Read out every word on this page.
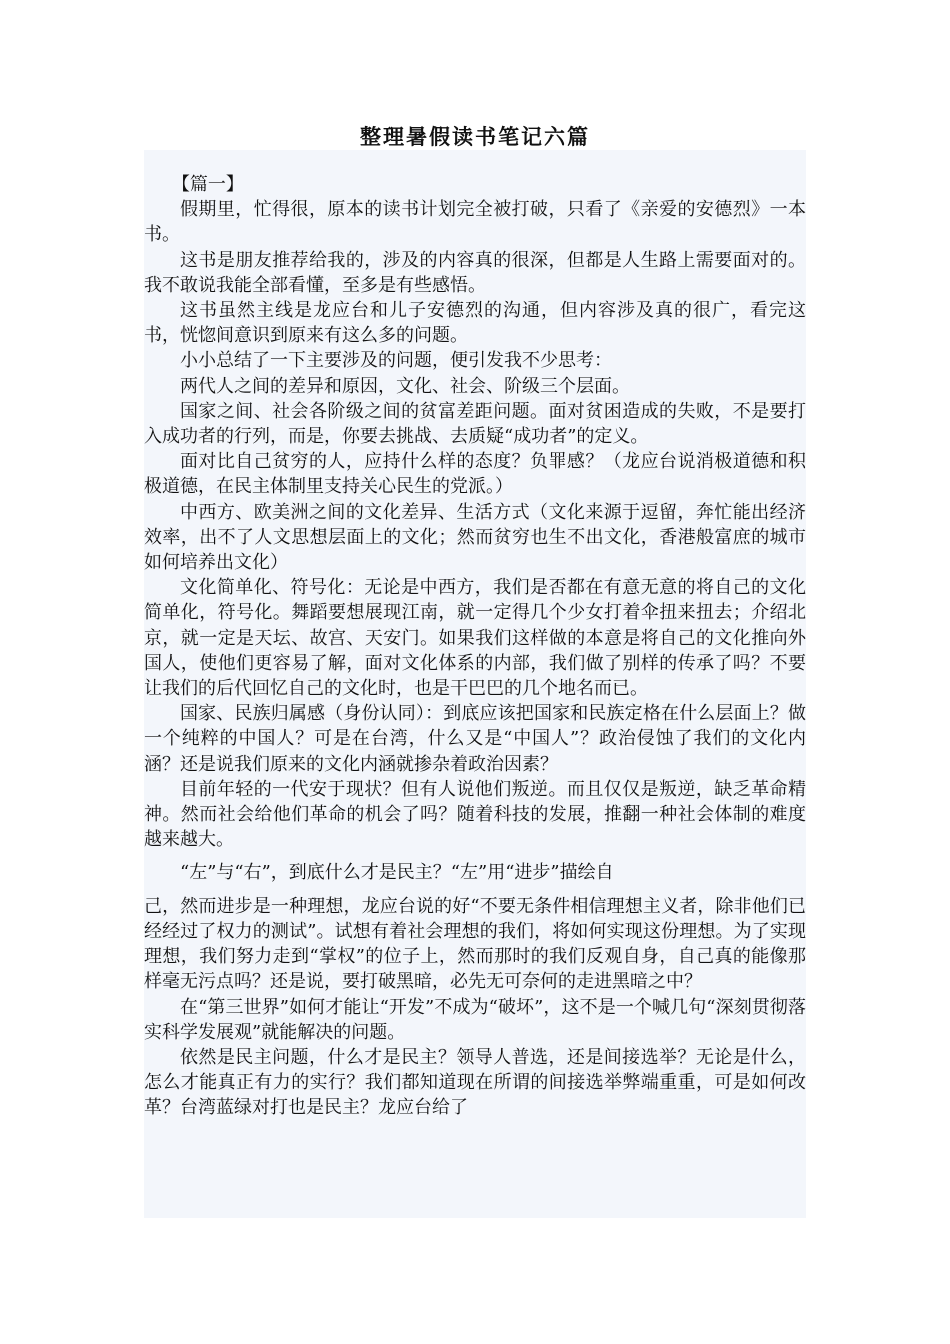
整理暑假读书笔记六篇

【篇一】

假期里，忙得很，原本的读书计划完全被打破，只看了《亲爱的安德烈》一本书。

这书是朋友推荐给我的，涉及的内容真的很深，但都是人生路上需要面对的。我不敢说我能全部看懂，至多是有些感悟。

这书虽然主线是龙应台和儿子安德烈的沟通，但内容涉及真的很广，看完这书，恍惚间意识到原来有这么多的问题。

小小总结了一下主要涉及的问题，便引发我不少思考：

两代人之间的差异和原因，文化、社会、阶级三个层面。

国家之间、社会各阶级之间的贫富差距问题。面对贫困造成的失败，不是要打入成功者的行列，而是，你要去挑战、去质疑“成功者”的定义。

面对比自己贫穷的人，应持什么样的态度？负罪感？（龙应台说消极道德和积极道德，在民主体制里支持关心民生的党派。）

中西方、欧美洲之间的文化差异、生活方式（文化来源于逗留，奔忙能出经济效率，出不了人文思想层面上的文化；然而贫穷也生不出文化，香港般富庶的城市如何培养出文化）

文化简单化、符号化：无论是中西方，我们是否都在有意无意的将自己的文化简单化，符号化。舞蹈要想展现江南，就一定得几个少女打着伞扭来扭去；介绍北京，就一定是天坛、故宫、天安门。如果我们这样做的本意是将自己的文化推向外国人，使他们更容易了解，面对文化体系的内部，我们做了别样的传承了吗？不要让我们的后代回忆自己的文化时，也是干巴巴的几个地名而已。

国家、民族归属感（身份认同）：到底应该把国家和民族定格在什么层面上？做一个纯粹的中国人？可是在台湾，什么又是“中国人”？政治侵蚀了我们的文化内涵？还是说我们原来的文化内涵就掺杂着政治因素？

目前年轻的一代安于现状？但有人说他们叛逆。而且仅仅是叛逆，缺乏革命精神。然而社会给他们革命的机会了吗？随着科技的发展，推翻一种社会体制的难度越来越大。

“左”与“右”，到底什么才是民主？“左”用“进步”描绘自
己，然而进步是一种理想，龙应台说的好“不要无条件相信理想主义者，除非他们已经经过了权力的测试”。试想有着社会理想的我们，将如何实现这份理想。为了实现理想，我们努力走到“掌权”的位子上，然而那时的我们反观自身，自己真的能像那样毫无污点吗？还是说，要打破黑暗，必先无可奈何的走进黑暗之中？

在“第三世界”如何才能让“开发”不成为“破坏”，这不是一个喊几句“深刻贯彻落实科学发展观”就能解决的问题。

依然是民主问题，什么才是民主？领导人普选，还是间接选举？无论是什么，怎么才能真正有力的实行？我们都知道现在所谓的间接选举弊端重重，可是如何改革？台湾蓝绿对打也是民主？龙应台给了
